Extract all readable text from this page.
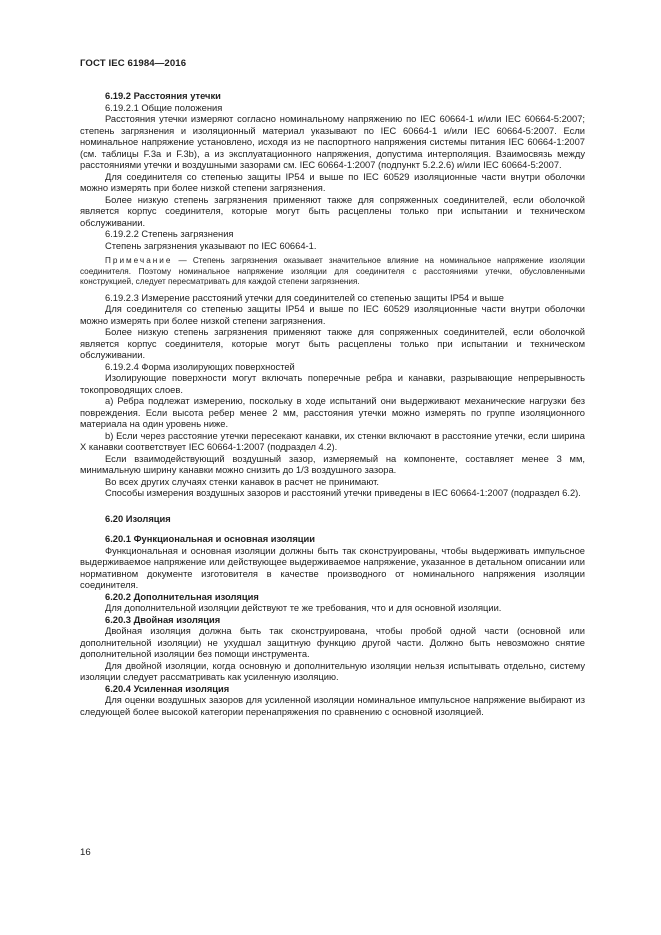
ГОСТ IEC 61984—2016

6.19.2 Расстояния утечки

6.19.2.1 Общие положения

Расстояния утечки измеряют согласно номинальному напряжению по IEC 60664-1 и/или IEC 60664-5:2007; степень загрязнения и изоляционный материал указывают по IEC 60664-1 и/или IEC 60664-5:2007. Если номинальное напряжение установлено, исходя из не паспортного напряжения системы питания IEC 60664-1:2007 (см. таблицы F.3a и F.3b), а из эксплуатационного напряжения, допустима интерполяция. Взаимосвязь между расстояниями утечки и воздушными зазорами см. IEC 60664-1:2007 (подпункт 5.2.2.6) и/или IEC 60664-5:2007.

Для соединителя со степенью защиты IP54 и выше по IEC 60529 изоляционные части внутри оболочки можно измерять при более низкой степени загрязнения.

Более низкую степень загрязнения применяют также для сопряженных соединителей, если оболочкой является корпус соединителя, которые могут быть расцеплены только при испытании и техническом обслуживании.

6.19.2.2 Степень загрязнения

Степень загрязнения указывают по IEC 60664-1.

Примечание — Степень загрязнения оказывает значительное влияние на номинальное напряжение изоляции соединителя. Поэтому номинальное напряжение изоляции для соединителя с расстояниями утечки, обусловленными конструкцией, следует пересматривать для каждой степени загрязнения.

6.19.2.3 Измерение расстояний утечки для соединителей со степенью защиты IP54 и выше

Для соединителя со степенью защиты IP54 и выше по IEC 60529 изоляционные части внутри оболочки можно измерять при более низкой степени загрязнения.

Более низкую степень загрязнения применяют также для сопряженных соединителей, если оболочкой является корпус соединителя, которые могут быть расцеплены только при испытании и техническом обслуживании.

6.19.2.4 Форма изолирующих поверхностей

Изолирующие поверхности могут включать поперечные ребра и канавки, разрывающие непрерывность токопроводящих слоев.

а) Ребра подлежат измерению, поскольку в ходе испытаний они выдерживают механические нагрузки без повреждения. Если высота ребер менее 2 мм, расстояния утечки можно измерять по группе изоляционного материала на один уровень ниже.

b) Если через расстояние утечки пересекают канавки, их стенки включают в расстояние утечки, если ширина X канавки соответствует IEC 60664-1:2007 (подраздел 4.2).

Если взаимодействующий воздушный зазор, измеряемый на компоненте, составляет менее 3 мм, минимальную ширину канавки можно снизить до 1/3 воздушного зазора.

Во всех других случаях стенки канавок в расчет не принимают.

Способы измерения воздушных зазоров и расстояний утечки приведены в IEC 60664-1:2007 (подраздел 6.2).

6.20 Изоляция

6.20.1 Функциональная и основная изоляции

Функциональная и основная изоляции должны быть так сконструированы, чтобы выдерживать импульсное выдерживаемое напряжение или действующее выдерживаемое напряжение, указанное в детальном описании или нормативном документе изготовителя в качестве производного от номинального напряжения изоляции соединителя.

6.20.2 Дополнительная изоляция

Для дополнительной изоляции действуют те же требования, что и для основной изоляции.

6.20.3 Двойная изоляция

Двойная изоляция должна быть так сконструирована, чтобы пробой одной части (основной или дополнительной изоляции) не ухудшал защитную функцию другой части. Должно быть невозможно снятие дополнительной изоляции без помощи инструмента.

Для двойной изоляции, когда основную и дополнительную изоляции нельзя испытывать отдельно, систему изоляции следует рассматривать как усиленную изоляцию.

6.20.4 Усиленная изоляция

Для оценки воздушных зазоров для усиленной изоляции номинальное импульсное напряжение выбирают из следующей более высокой категории перенапряжения по сравнению с основной изоляцией.

16
